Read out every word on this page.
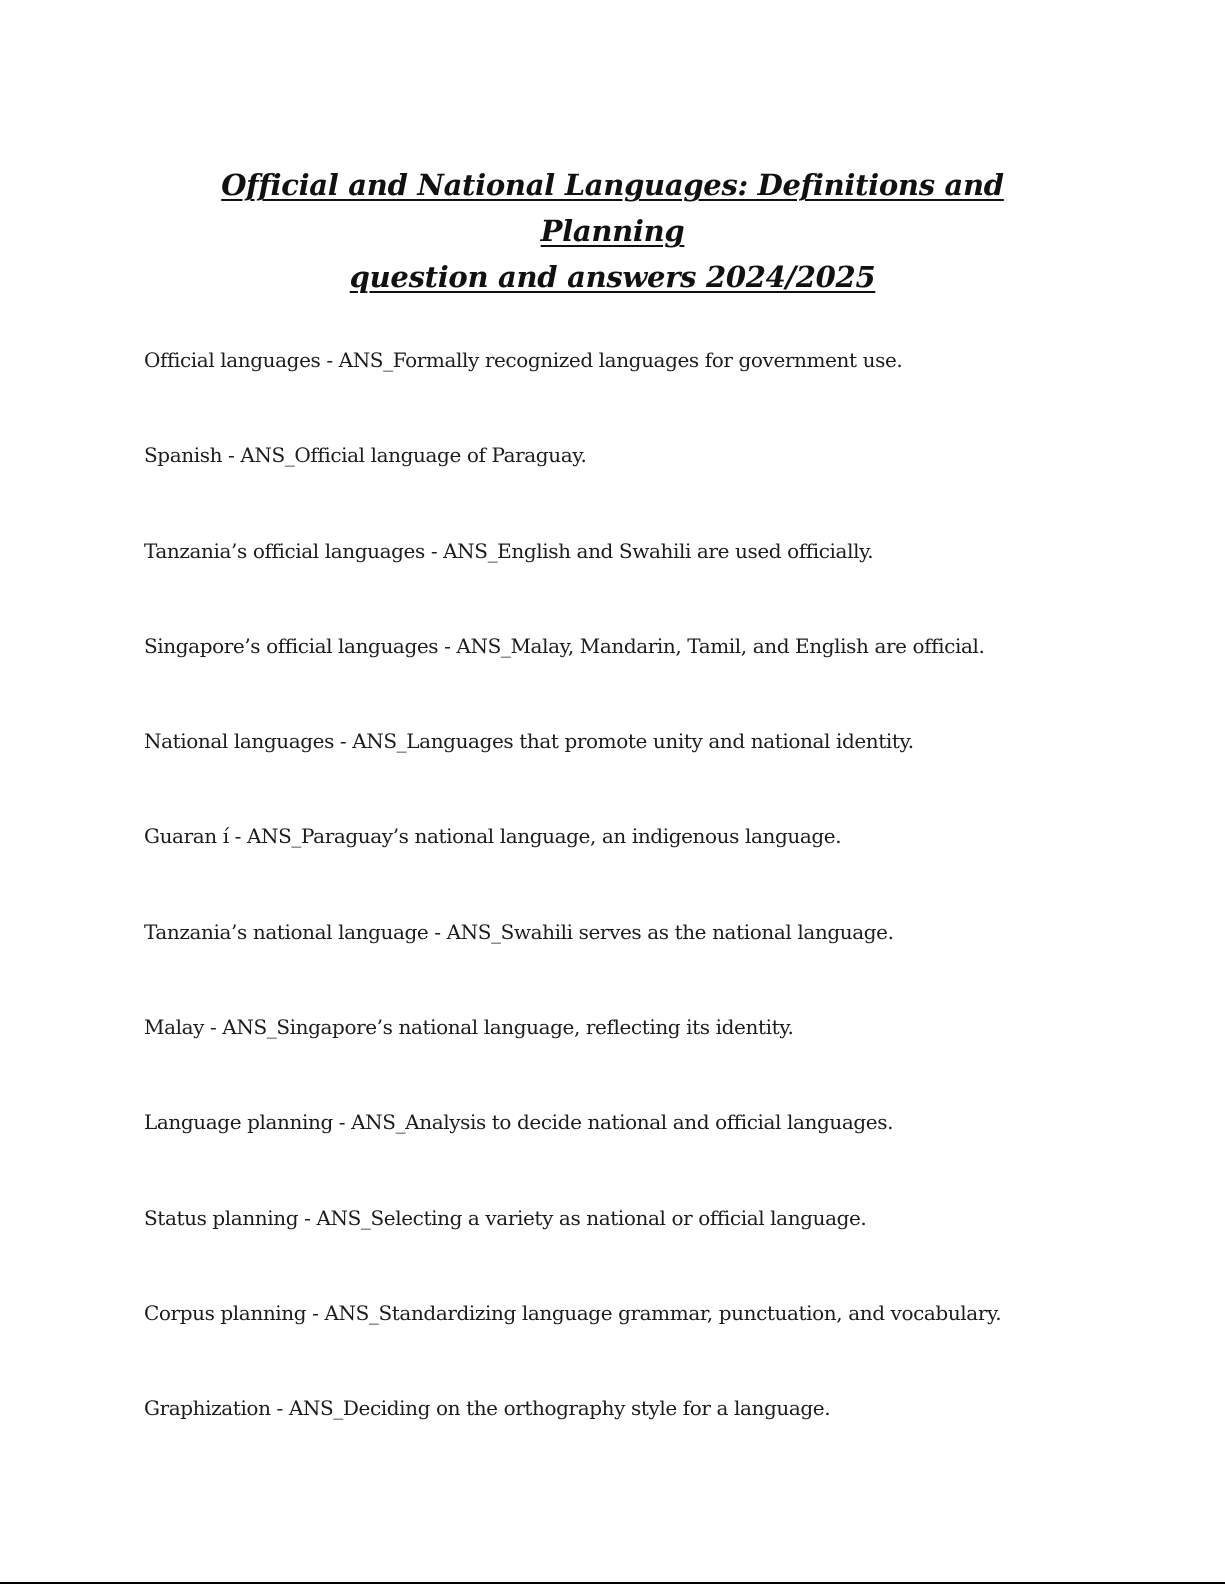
Official and National Languages: Definitions and Planning
question and answers 2024/2025
Official languages - ANS_Formally recognized languages for government use.
Spanish - ANS_Official language of Paraguay.
Tanzania’s official languages - ANS_English and Swahili are used officially.
Singapore’s official languages - ANS_Malay, Mandarin, Tamil, and English are official.
National languages - ANS_Languages that promote unity and national identity.
Guaran í - ANS_Paraguay’s national language, an indigenous language.
Tanzania’s national language - ANS_Swahili serves as the national language.
Malay - ANS_Singapore’s national language, reflecting its identity.
Language planning - ANS_Analysis to decide national and official languages.
Status planning - ANS_Selecting a variety as national or official language.
Corpus planning - ANS_Standardizing language grammar, punctuation, and vocabulary.
Graphization - ANS_Deciding on the orthography style for a language.
